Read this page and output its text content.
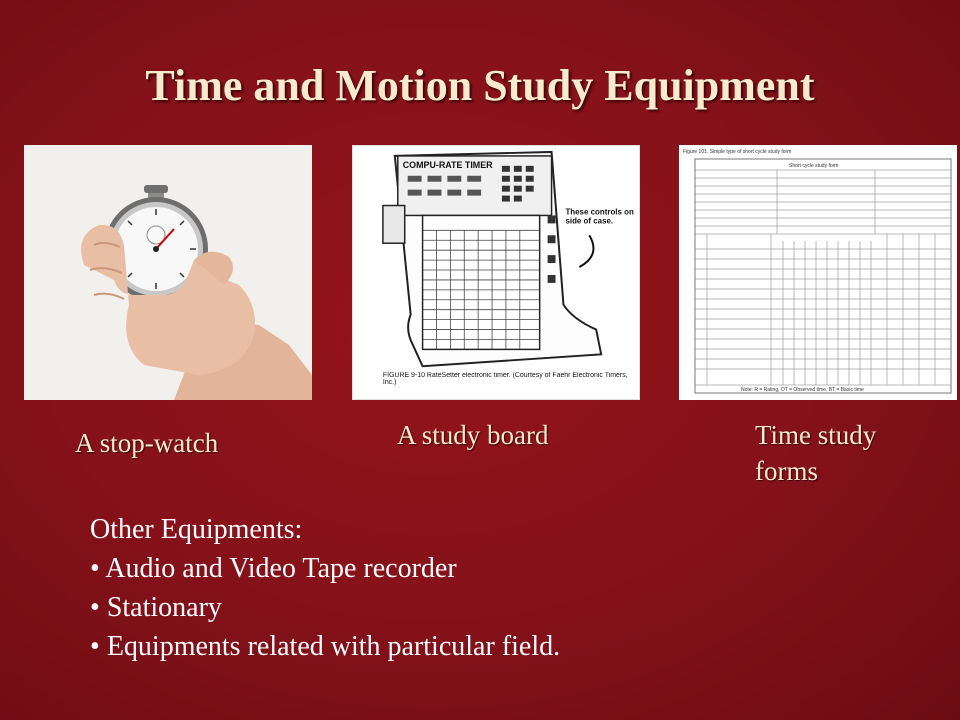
Time and Motion Study Equipment
COMPU-RATE TIMER
These controls on side of case.
FIGURE 9-10 RateSetter electronic timer. (Courtesy of Faehr Electronic Timers, Inc.)
Figure 101. Simple type of short cycle study form
Short cycle study form
Note: R = Rating, OT = Observed time, BT = Basic time
A stop-watch	A study board	Time study forms
Other Equipments:
• Audio and Video Tape recorder
• Stationary
• Equipments related with particular field.
